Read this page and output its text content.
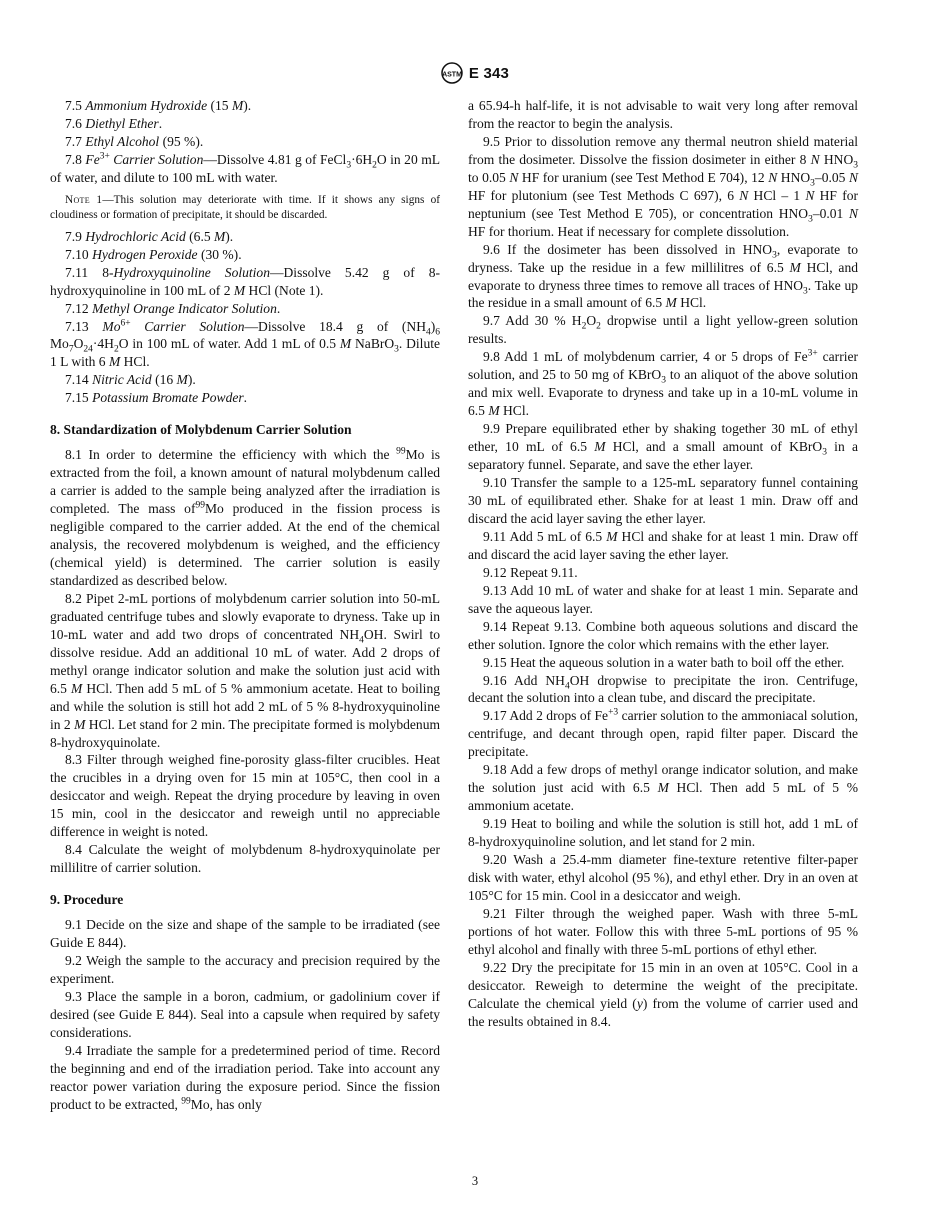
ASTM E 343

7.5 Ammonium Hydroxide (15 M).

7.6 Diethyl Ether.

7.7 Ethyl Alcohol (95 %).

7.8 $Fe^{3+}$ Carrier Solution—Dissolve 4.81 g of $FeCl_3\cdot 6H_2O$ in 20 mL of water, and dilute to 100 mL with water.

Note 1—This solution may deteriorate with time. If it shows any signs of cloudiness or formation of precipitate, it should be discarded.

7.9 Hydrochloric Acid (6.5 M).

7.10 Hydrogen Peroxide (30 %).

7.11 8-Hydroxyquinoline Solution—Dissolve 5.42 g of 8-hydroxyquinoline in 100 mL of 2 M HCl (Note 1).

7.12 Methyl Orange Indicator Solution.

7.13 $Mo^{6+}$ Carrier Solution—Dissolve 18.4 g of $(NH_4)_6$ $Mo_7O_{24}\cdot 4H_2O$ in 100 mL of water. Add 1 mL of 0.5 M NaBrO$_3$. Dilute 1 L with 6 M HCl.

7.14 Nitric Acid (16 M).

7.15 Potassium Bromate Powder.

8. Standardization of Molybdenum Carrier Solution

8.1 In order to determine the efficiency with which the $^{99}$Mo is extracted from the foil, a known amount of natural molybdenum called a carrier is added to the sample being analyzed after the irradiation is completed. The mass $of^{99}Mo$ produced in the fission process is negligible compared to the carrier added. At the end of the chemical analysis, the recovered molybdenum is weighed, and the efficiency (chemical yield) is determined. The carrier solution is easily standardized as described below.

8.2 Pipet 2-mL portions of molybdenum carrier solution into 50-mL graduated centrifuge tubes and slowly evaporate to dryness. Take up in 10-mL water and add two drops of concentrated $NH_4OH$. Swirl to dissolve residue. Add an additional 10 mL of water. Add 2 drops of methyl orange indicator solution and make the solution just acid with 6.5 M HCl. Then add 5 mL of 5 % ammonium acetate. Heat to boiling and while the solution is still hot add 2 mL of 5 % 8-hydroxyquinoline in 2 M HCl. Let stand for 2 min. The precipitate formed is molybdenum 8-hydroxyquinolate.

8.3 Filter through weighed fine-porosity glass-filter crucibles. Heat the crucibles in a drying oven for 15 min at 105°C, then cool in a desiccator and weigh. Repeat the drying procedure by leaving in oven 15 min, cool in the desiccator and reweigh until no appreciable difference in weight is noted.

8.4 Calculate the weight of molybdenum 8-hydroxyquinolate per millilitre of carrier solution.

9. Procedure

9.1 Decide on the size and shape of the sample to be irradiated (see Guide E 844).

9.2 Weigh the sample to the accuracy and precision required by the experiment.

9.3 Place the sample in a boron, cadmium, or gadolinium cover if desired (see Guide E 844). Seal into a capsule when required by safety considerations.

9.4 Irradiate the sample for a predetermined period of time. Record the beginning and end of the irradiation period. Take into account any reactor power variation during the exposure period. Since the fission product to be extracted, $^{99}$Mo, has only

a 65.94-h half-life, it is not advisable to wait very long after removal from the reactor to begin the analysis.

9.5 Prior to dissolution remove any thermal neutron shield material from the dosimeter. Dissolve the fission dosimeter in either 8 N $HNO_3$ to 0.05 N HF for uranium (see Test Method E 704), 12 N $HNO_3-0.05$ N HF for plutonium (see Test Methods C 697), 6 N HCl – 1 N HF for neptunium (see Test Method E 705), or concentration $HNO_3-0.01$ N HF for thorium. Heat if necessary for complete dissolution.

9.6 If the dosimeter has been dissolved in $HNO_3$, evaporate to dryness. Take up the residue in a few millilitres of 6.5 M HCl, and evaporate to dryness three times to remove all traces of $HNO_3$. Take up the residue in a small amount of 6.5 M HCl.

9.7 Add 30 % $H_2O_2$ dropwise until a light yellow-green solution results.

9.8 Add 1 mL of molybdenum carrier, 4 or 5 drops of $Fe^{3+}$ carrier solution, and 25 to 50 mg of KBrO$_3$ to an aliquot of the above solution and mix well. Evaporate to dryness and take up in a 10-mL volume in 6.5 M HCl.

9.9 Prepare equilibrated ether by shaking together 30 mL of ethyl ether, 10 mL of 6.5 M HCl, and a small amount of KBrO$_3$ in a separatory funnel. Separate, and save the ether layer.

9.10 Transfer the sample to a 125-mL separatory funnel containing 30 mL of equilibrated ether. Shake for at least 1 min. Draw off and discard the acid layer saving the ether layer.

9.11 Add 5 mL of 6.5 M HCl and shake for at least 1 min. Draw off and discard the acid layer saving the ether layer.

9.12 Repeat 9.11.

9.13 Add 10 mL of water and shake for at least 1 min. Separate and save the aqueous layer.

9.14 Repeat 9.13. Combine both aqueous solutions and discard the ether solution. Ignore the color which remains with the ether layer.

9.15 Heat the aqueous solution in a water bath to boil off the ether.

9.16 Add $NH_4OH$ dropwise to precipitate the iron. Centrifuge, decant the solution into a clean tube, and discard the precipitate.

9.17 Add 2 drops of $Fe^{+3}$ carrier solution to the ammoniacal solution, centrifuge, and decant through open, rapid filter paper. Discard the precipitate.

9.18 Add a few drops of methyl orange indicator solution, and make the solution just acid with 6.5 M HCl. Then add 5 mL of 5 % ammonium acetate.

9.19 Heat to boiling and while the solution is still hot, add 1 mL of 8-hydroxyquinoline solution, and let stand for 2 min.

9.20 Wash a 25.4-mm diameter fine-texture retentive filter-paper disk with water, ethyl alcohol (95 %), and ethyl ether. Dry in an oven at 105°C for 15 min. Cool in a desiccator and weigh.

9.21 Filter through the weighed paper. Wash with three 5-mL portions of hot water. Follow this with three 5-mL portions of 95 % ethyl alcohol and finally with three 5-mL portions of ethyl ether.

9.22 Dry the precipitate for 15 min in an oven at 105°C. Cool in a desiccator. Reweigh to determine the weight of the precipitate. Calculate the chemical yield (y) from the volume of carrier used and the results obtained in 8.4.

3
